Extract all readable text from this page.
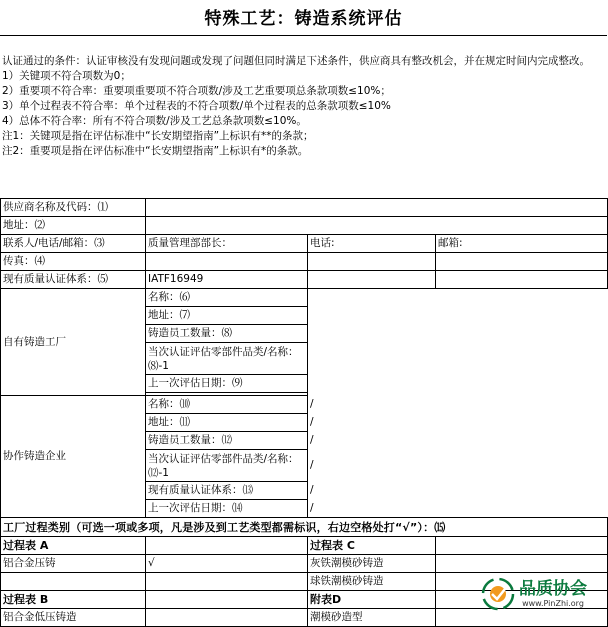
特殊工艺：铸造系统评估
认证通过的条件：认证审核没有发现问题或发现了问题但同时满足下述条件，供应商具有整改机会，并在规定时间内完成整改。
1）关键项不符合项数为0；
2）重要项不符合率：重要项重要项不符合项数/涉及工艺重要项总条款项数≤10%；
3）单个过程表不符合率：单个过程表的不符合项数/单个过程表的总条款项数≤10%
4）总体不符合率：所有不符合项数/涉及工艺总条款项数≤10%。
注1：关键项是指在评估标准中“长安期望指南”上标识有**的条款；
注2：重要项是指在评估标准中“长安期望指南”上标识有*的条款。
供应商名称及代码：⑴			
地址：⑵			
联系人/电话/邮箱：⑶	质量管理部部长：	电话:	邮箱:
传真：⑷			
现有质量认证体系：⑸	IATF16949		
自有铸造工厂	名称：⑹		
	地址：⑺		
	铸造员工数量：⑻		
	当次认证评估零部件品类/名称：⑻-1		
	上一次评估日期：⑼		

协作铸造企业	名称：⑽	/	
	地址：⑾	/	
	铸造员工数量：⑿	/	
	当次认证评估零部件品类/名称：⑿-1	/	
	现有质量认证体系：⒀	/	
	上一次评估日期：⒁	/	
工厂过程类别（可选一项或多项，凡是涉及到工艺类型都需标识，右边空格处打“√”）：⒂			
过程表 A		过程表 C	
铝合金压铸	√	灰铁潮模砂铸造	
		球铁潮模砂铸造	
过程表 B		附表D	
铝合金低压铸造		潮模砂造型	
品质协会
www.PinZhi.org
